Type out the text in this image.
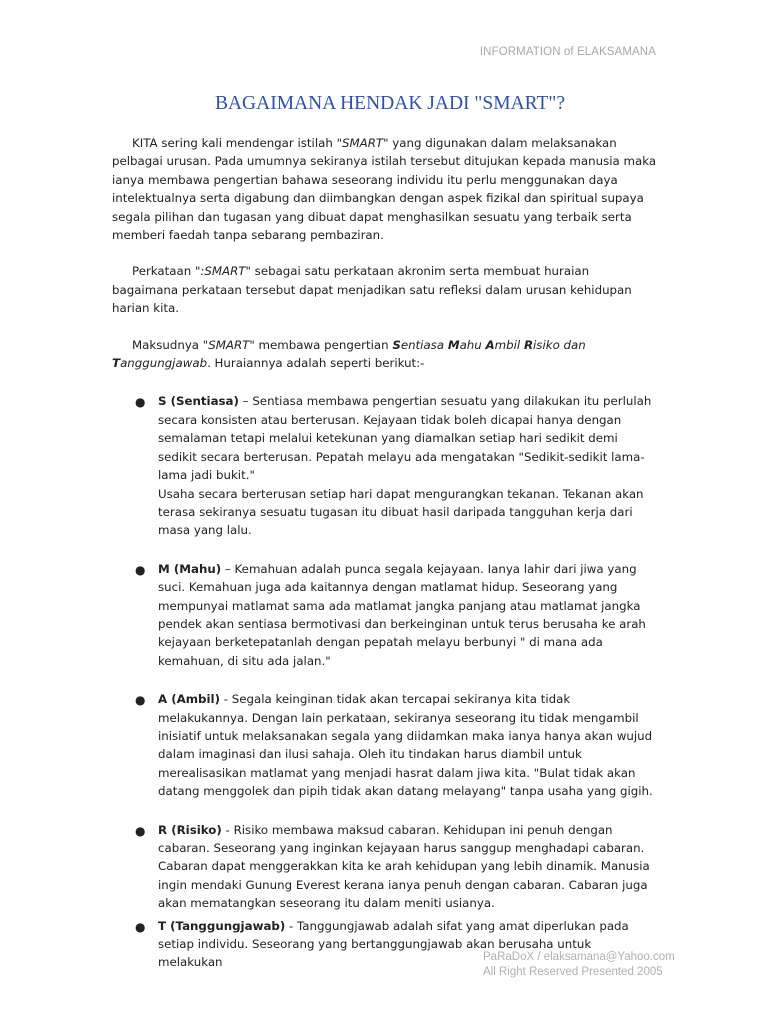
INFORMATION of ELAKSAMANA
BAGAIMANA HENDAK JADI "SMART"?

KITA sering kali mendengar istilah "SMART" yang digunakan dalam melaksanakan pelbagai urusan. Pada umumnya sekiranya istilah tersebut ditujukan kepada manusia maka ianya membawa pengertian bahawa seseorang individu itu perlu menggunakan daya intelektualnya serta digabung dan diimbangkan dengan aspek fizikal dan spiritual supaya segala pilihan dan tugasan yang dibuat dapat menghasilkan sesuatu yang terbaik serta memberi faedah tanpa sebarang pembaziran.

Perkataan ":SMART" sebagai satu perkataan akronim serta membuat huraian bagaimana perkataan tersebut dapat menjadikan satu refleksi dalam urusan kehidupan harian kita.

Maksudnya "SMART" membawa pengertian Sentiasa Mahu Ambil Risiko dan Tanggungjawab. Huraiannya adalah seperti berikut:-

● S (Sentiasa) – Sentiasa membawa pengertian sesuatu yang dilakukan itu perlulah secara konsisten atau berterusan. Kejayaan tidak boleh dicapai hanya dengan semalaman tetapi melalui ketekunan yang diamalkan setiap hari sedikit demi sedikit secara berterusan. Pepatah melayu ada mengatakan "Sedikit-sedikit lama-lama jadi bukit."
Usaha secara berterusan setiap hari dapat mengurangkan tekanan. Tekanan akan terasa sekiranya sesuatu tugasan itu dibuat hasil daripada tangguhan kerja dari masa yang lalu.
● M (Mahu) – Kemahuan adalah punca segala kejayaan. Ianya lahir dari jiwa yang suci. Kemahuan juga ada kaitannya dengan matlamat hidup. Seseorang yang mempunyai matlamat sama ada matlamat jangka panjang atau matlamat jangka pendek akan sentiasa bermotivasi dan berkeinginan untuk terus berusaha ke arah kejayaan berketepatanlah dengan pepatah melayu berbunyi " di mana ada kemahuan, di situ ada jalan."
● A (Ambil) - Segala keinginan tidak akan tercapai sekiranya kita tidak melakukannya. Dengan lain perkataan, sekiranya seseorang itu tidak mengambil inisiatif untuk melaksanakan segala yang diidamkan maka ianya hanya akan wujud dalam imaginasi dan ilusi sahaja. Oleh itu tindakan harus diambil untuk merealisasikan matlamat yang menjadi hasrat dalam jiwa kita. "Bulat tidak akan datang menggolek dan pipih tidak akan datang melayang" tanpa usaha yang gigih.
● R (Risiko) - Risiko membawa maksud cabaran. Kehidupan ini penuh dengan cabaran. Seseorang yang inginkan kejayaan harus sanggup menghadapi cabaran. Cabaran dapat menggerakkan kita ke arah kehidupan yang lebih dinamik. Manusia ingin mendaki Gunung Everest kerana ianya penuh dengan cabaran. Cabaran juga akan mematangkan seseorang itu dalam meniti usianya.
● T (Tanggungjawab) - Tanggungjawab adalah sifat yang amat diperlukan pada setiap individu. Seseorang yang bertanggungjawab akan berusaha untuk melakukan	PaRaDoX / elaksamana@Yahoo.com
All Right Reserved Presented 2005
